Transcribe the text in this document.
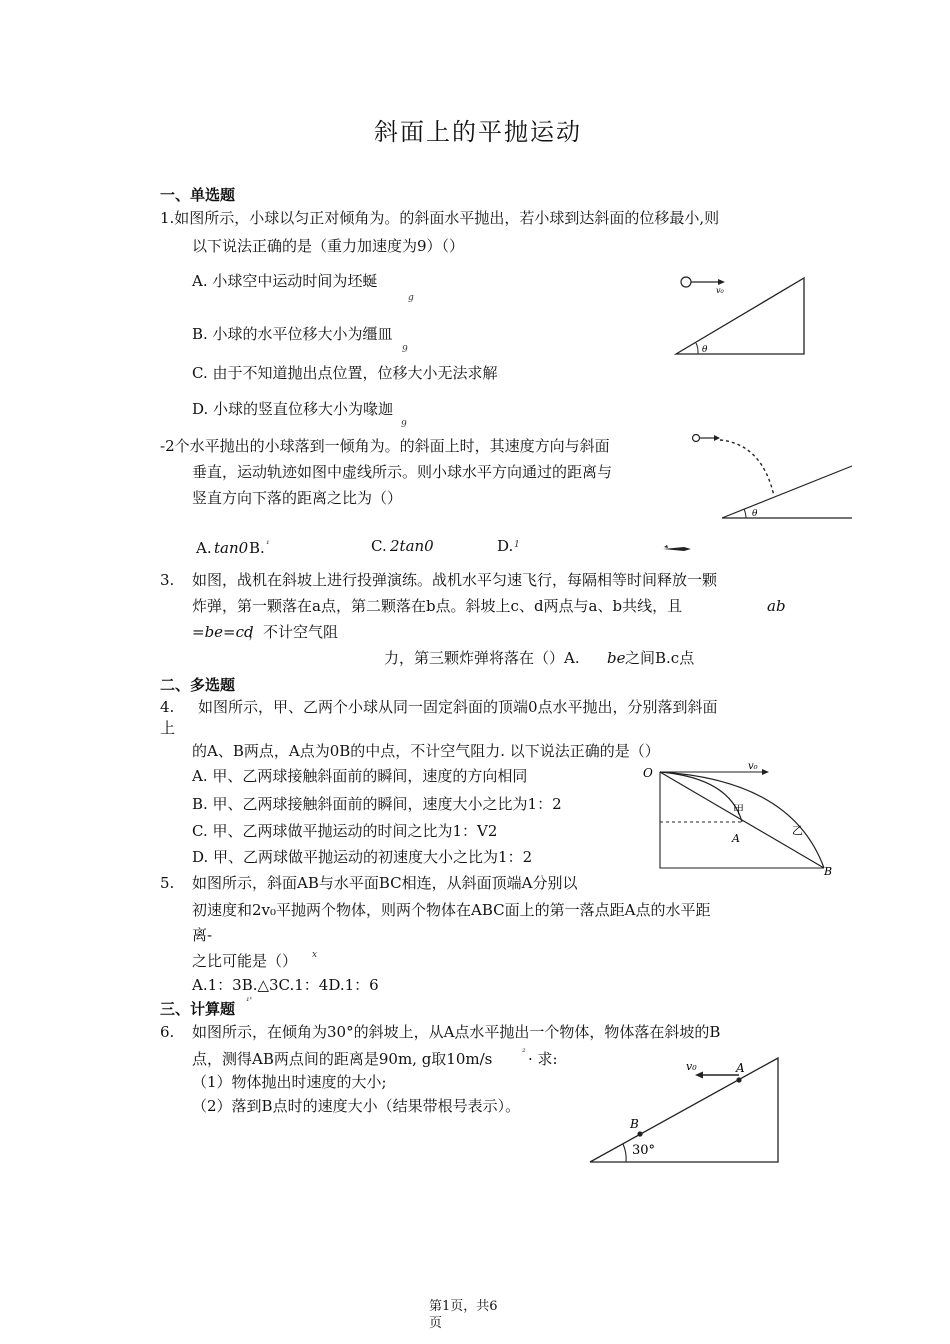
斜面上的平抛运动
一、单选题
1.如图所示，小球以匀正对倾角为。的斜面水平抛出，若小球到达斜面的位移最小,则
以下说法正确的是（重力加速度为9）（）
A. 小球空中运动时间为坯蜒
g
B. 小球的水平位移大小为缰皿
9
C. 由于不知道抛出点位置，位移大小无法求解
D. 小球的竖直位移大小为喙迦
9
v₀
θ
-2个水平抛出的小球落到一倾角为。的斜面上时，其速度方向与斜面
垂直，运动轨迹如图中虚线所示。则小球水平方向通过的距离与
竖直方向下落的距离之比为（）
A. tan0 B. ¹	C. 2tan0	D. 1
θ
3. 如图，战机在斜坡上进行投弹演练。战机水平匀速飞行，每隔相等时间释放一颗
炸弹，第一颗落在a点，第二颗落在b点。斜坡上c、d两点与a、b共线，且	ab
=be=cd
，不计空气阻
力，第三颗炸弹将落在（）A. be 之间B.c点
二、多选题
4. 如图所示，甲、乙两个小球从同一固定斜面的顶端0点水平抛出，分别落到斜面
上
的A、B两点，A点为0B的中点，不计空气阻力. 以下说法正确的是（）
A. 甲、乙两球接触斜面前的瞬间，速度的方向相同
B. 甲、乙两球接触斜面前的瞬间，速度大小之比为1：2
C. 甲、乙两球做平抛运动的时间之比为1：V2
D. 甲、乙两球做平抛运动的初速度大小之比为1：2
O	v₀
甲
A
乙
B
5. 如图所示，斜面AB与水平面BC相连，从斜面顶端A分别以
初速度和2v₀平抛两个物体，则两个物体在ABC面上的第一落点距A点的水平距
离-
之比可能是（） x
A.1：3B.△3C.1：4D.1：6
三、计算题 ¹'
6. 如图所示，在倾角为30°的斜坡上，从A点水平抛出一个物体，物体落在斜坡的B
点，测得AB两点间的距离是90m, g取10m/s	² · 求:
（1）物体抛出时速度的大小;
（2）落到B点时的速度大小（结果带根号表示）。
v₀	A
B
30°
第1页，共6
页
